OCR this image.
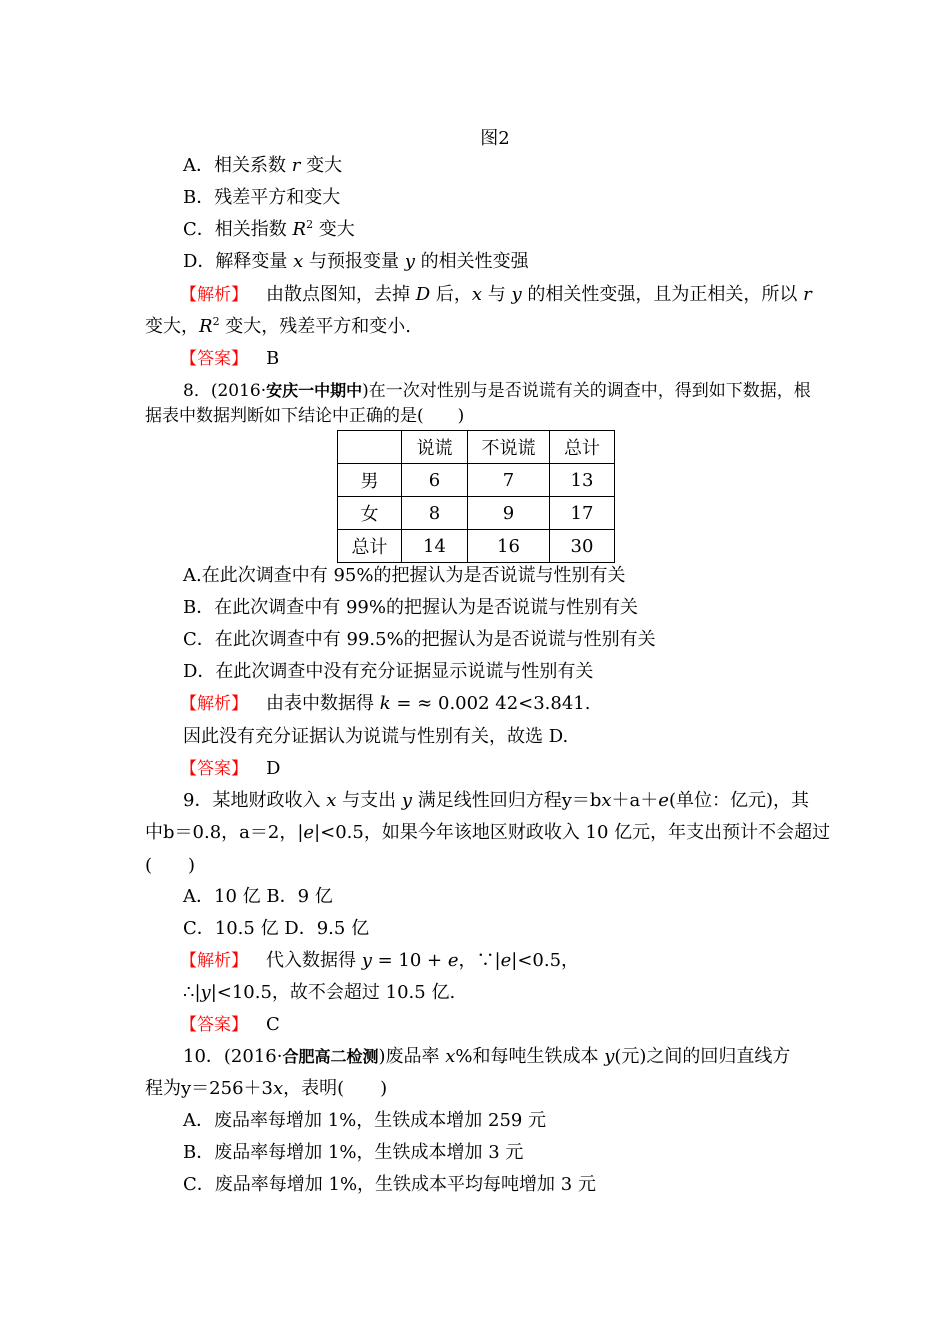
图2
A．相关系数 r 变大
B．残差平方和变大
C．相关指数 $R^2$ 变大
D．解释变量 x 与预报变量 y 的相关性变强
【解析】 由散点图知，去掉 D 后，x 与 y 的相关性变强，且为正相关，所以 r
变大，$R^2$ 变大，残差平方和变小.
【答案】 B
8．(2016·安庆一中期中)在一次对性别与是否说谎有关的调查中，得到如下数据，根
据表中数据判断如下结论中正确的是(　　)
	说谎	不说谎	总计
男	6	7	13
女	8	9	17
总计	14	16	30
A.在此次调查中有 95%的把握认为是否说谎与性别有关
B．在此次调查中有 99%的把握认为是否说谎与性别有关
C．在此次调查中有 99.5%的把握认为是否说谎与性别有关
D．在此次调查中没有充分证据显示说谎与性别有关
【解析】 由表中数据得 k = ≈ 0.002 42<3.841.
因此没有充分证据认为说谎与性别有关，故选 D.
【答案】 D
9．某地财政收入 x 与支出 y 满足线性回归方程y＝bx＋a＋e(单位：亿元)，其
中b＝0.8，a＝2，|e|<0.5，如果今年该地区财政收入 10 亿元，年支出预计不会超过
(　　)
A．10 亿 B．9 亿
C．10.5 亿 D．9.5 亿
【解析】 代入数据得 y = 10 + e，∵|e|<0.5，
∴|y|<10.5，故不会超过 10.5 亿.
【答案】 C
10．(2016·合肥高二检测)废品率 x%和每吨生铁成本 y(元)之间的回归直线方
程为y＝256＋3x，表明(　　)
A．废品率每增加 1%，生铁成本增加 259 元
B．废品率每增加 1%，生铁成本增加 3 元
C．废品率每增加 1%，生铁成本平均每吨增加 3 元
